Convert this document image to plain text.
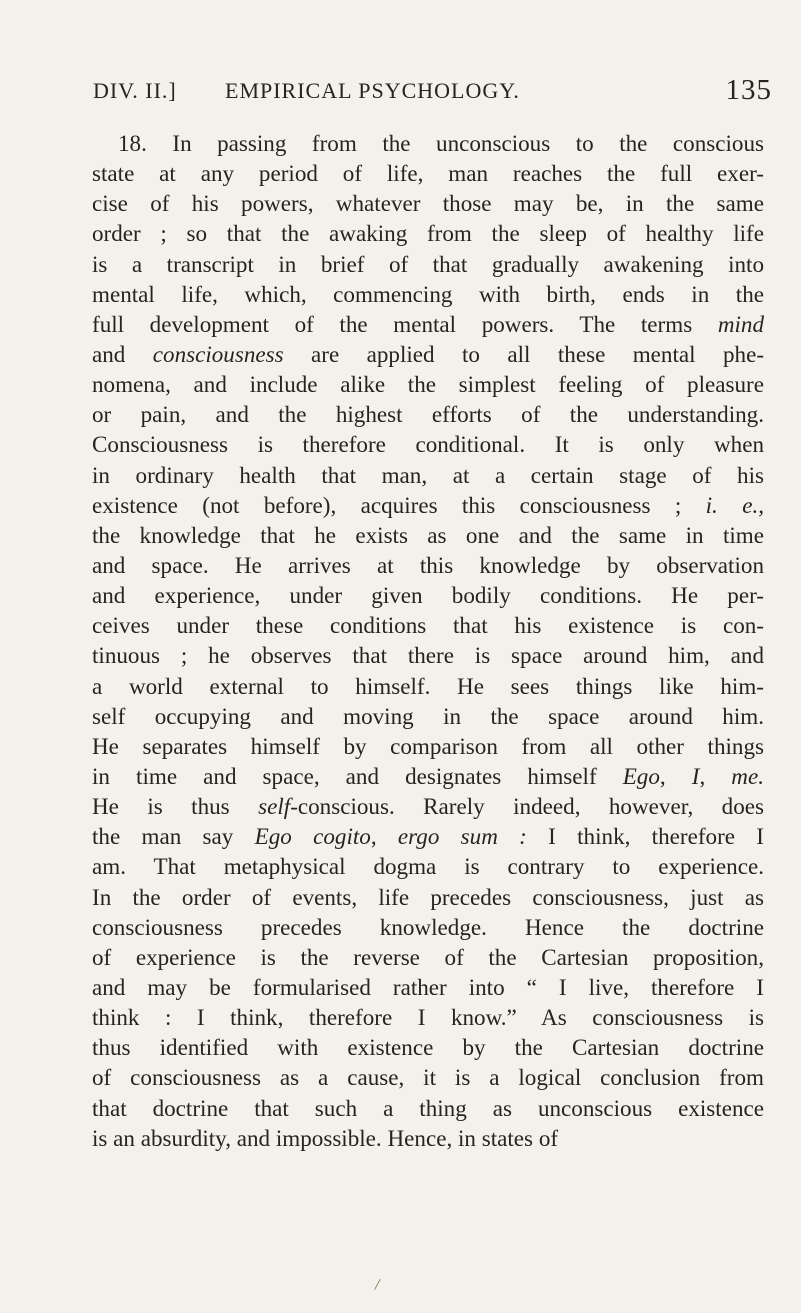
DIV. II.] EMPIRICAL PSYCHOLOGY.	135
18. In passing from the unconscious to the conscious
state at any period of life, man reaches the full exer-
cise of his powers, whatever those may be, in the same
order ; so that the awaking from the sleep of healthy life
is a transcript in brief of that gradually awakening into
mental life, which, commencing with birth, ends in the
full development of the mental powers. The terms mind
and consciousness are applied to all these mental phe-
nomena, and include alike the simplest feeling of pleasure
or pain, and the highest efforts of the understanding.
Consciousness is therefore conditional. It is only when
in ordinary health that man, at a certain stage of his
existence (not before), acquires this consciousness ; i. e.,
the knowledge that he exists as one and the same in time
and space. He arrives at this knowledge by observation
and experience, under given bodily conditions. He per-
ceives under these conditions that his existence is con-
tinuous ; he observes that there is space around him, and
a world external to himself. He sees things like him-
self occupying and moving in the space around him.
He separates himself by comparison from all other things
in time and space, and designates himself Ego, I, me.
He is thus self-conscious. Rarely indeed, however, does
the man say Ego cogito, ergo sum : I think, therefore I
am. That metaphysical dogma is contrary to experience.
In the order of events, life precedes consciousness, just as
consciousness precedes knowledge. Hence the doctrine
of experience is the reverse of the Cartesian proposition,
and may be formularised rather into “ I live, therefore I
think : I think, therefore I know.” As consciousness is
thus identified with existence by the Cartesian doctrine
of consciousness as a cause, it is a logical conclusion from
that doctrine that such a thing as unconscious existence
is an absurdity, and impossible. Hence, in states of
/
